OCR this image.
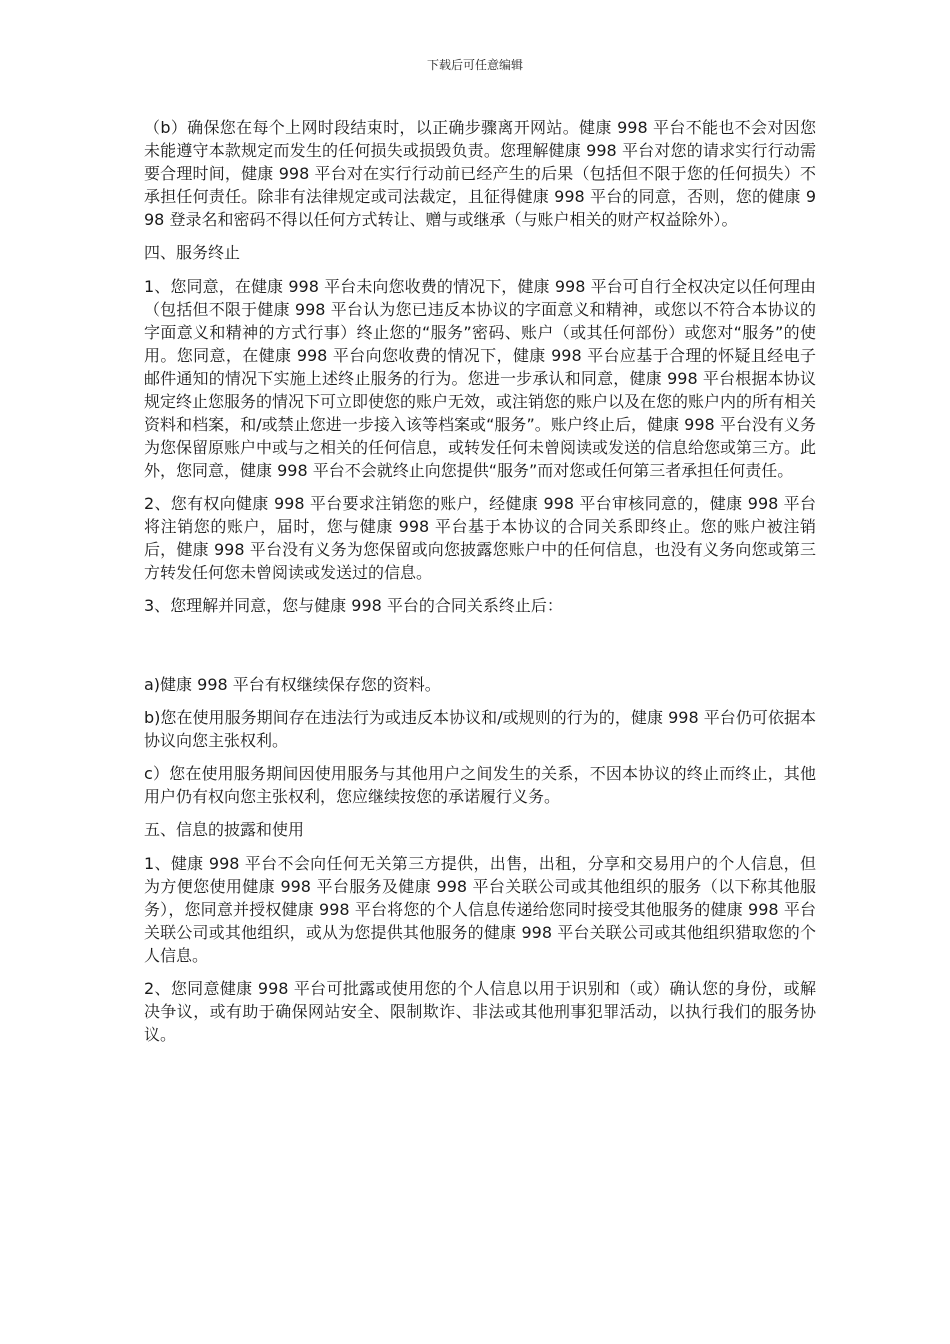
下载后可任意编辑

（b）确保您在每个上网时段结束时，以正确步骤离开网站。健康 998 平台不能也不会对因您未能遵守本款规定而发生的任何损失或损毁负责。您理解健康 998 平台对您的请求实行行动需要合理时间，健康 998 平台对在实行行动前已经产生的后果（包括但不限于您的任何损失）不承担任何责任。除非有法律规定或司法裁定，且征得健康 998 平台的同意，否则，您的健康 998 登录名和密码不得以任何方式转让、赠与或继承（与账户相关的财产权益除外）。

四、服务终止

1、您同意，在健康 998 平台未向您收费的情况下，健康 998 平台可自行全权决定以任何理由（包括但不限于健康 998 平台认为您已违反本协议的字面意义和精神，或您以不符合本协议的字面意义和精神的方式行事）终止您的“服务”密码、账户（或其任何部份）或您对“服务”的使用。您同意，在健康 998 平台向您收费的情况下，健康 998 平台应基于合理的怀疑且经电子邮件通知的情况下实施上述终止服务的行为。您进一步承认和同意，健康 998 平台根据本协议规定终止您服务的情况下可立即使您的账户无效，或注销您的账户以及在您的账户内的所有相关资料和档案，和/或禁止您进一步接入该等档案或“服务”。账户终止后，健康 998 平台没有义务为您保留原账户中或与之相关的任何信息，或转发任何未曾阅读或发送的信息给您或第三方。此外，您同意，健康 998 平台不会就终止向您提供“服务”而对您或任何第三者承担任何责任。

2、您有权向健康 998 平台要求注销您的账户，经健康 998 平台审核同意的，健康 998 平台将注销您的账户，届时，您与健康 998 平台基于本协议的合同关系即终止。您的账户被注销后，健康 998 平台没有义务为您保留或向您披露您账户中的任何信息，也没有义务向您或第三方转发任何您未曾阅读或发送过的信息。

3、您理解并同意，您与健康 998 平台的合同关系终止后：

a)健康 998 平台有权继续保存您的资料。

b)您在使用服务期间存在违法行为或违反本协议和/或规则的行为的，健康 998 平台仍可依据本协议向您主张权利。

c）您在使用服务期间因使用服务与其他用户之间发生的关系，不因本协议的终止而终止，其他用户仍有权向您主张权利，您应继续按您的承诺履行义务。

五、信息的披露和使用

1、健康 998 平台不会向任何无关第三方提供，出售，出租，分享和交易用户的个人信息，但为方便您使用健康 998 平台服务及健康 998 平台关联公司或其他组织的服务（以下称其他服务），您同意并授权健康 998 平台将您的个人信息传递给您同时接受其他服务的健康 998 平台关联公司或其他组织，或从为您提供其他服务的健康 998 平台关联公司或其他组织猎取您的个人信息。

2、您同意健康 998 平台可批露或使用您的个人信息以用于识别和（或）确认您的身份，或解决争议，或有助于确保网站安全、限制欺诈、非法或其他刑事犯罪活动，以执行我们的服务协议。
